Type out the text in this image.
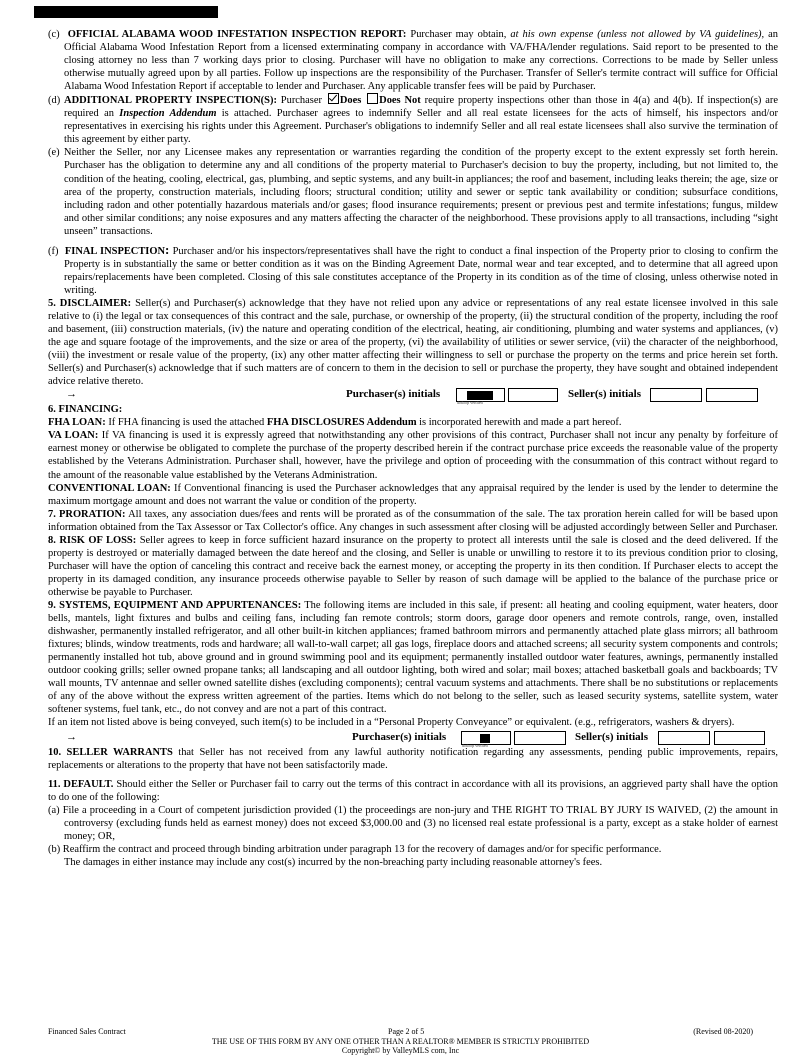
(c) OFFICIAL ALABAMA WOOD INFESTATION INSPECTION REPORT: Purchaser may obtain, at his own expense (unless not allowed by VA guidelines), an Official Alabama Wood Infestation Report from a licensed exterminating company in accordance with VA/FHA/lender regulations. Said report to be presented to the closing attorney no less than 7 working days prior to closing. Purchaser will have no obligation to make any corrections. Corrections to be made by Seller unless otherwise mutually agreed upon by all parties. Follow up inspections are the responsibility of the Purchaser. Transfer of Seller's termite contract will suffice for Official Alabama Wood Infestation Report if acceptable to lender and Purchaser. Any applicable transfer fees will be paid by Purchaser.

(d) ADDITIONAL PROPERTY INSPECTION(S): Purchaser Does Does Not require property inspections other than those in 4(a) and 4(b). If inspection(s) are required an Inspection Addendum is attached. Purchaser agrees to indemnify Seller and all real estate licensees for the acts of himself, his inspectors and/or representatives in exercising his rights under this Agreement. Purchaser's obligations to indemnify Seller and all real estate licensees shall also survive the termination of this agreement by either party.

(e) Neither the Seller, nor any Licensee makes any representation or warranties regarding the condition of the property except to the extent expressly set forth herein. Purchaser has the obligation to determine any and all conditions of the property material to Purchaser's decision to buy the property, including, but not limited to, the condition of the heating, cooling, electrical, gas, plumbing, and septic systems, and any built-in appliances; the roof and basement, including leaks therein; the age, size or area of the property, construction materials, including floors; structural condition; utility and sewer or septic tank availability or condition; subsurface conditions, including radon and other potentially hazardous materials and/or gases; flood insurance requirements; present or previous pest and termite infestations; fungus, mildew and other similar conditions; any noise exposures and any matters affecting the character of the neighborhood. These provisions apply to all transactions, including “sight unseen” transactions.

(f) FINAL INSPECTION: Purchaser and/or his inspectors/representatives shall have the right to conduct a final inspection of the Property prior to closing to confirm the Property is in substantially the same or better condition as it was on the Binding Agreement Date, normal wear and tear excepted, and to determine that all agreed upon repairs/replacements have been completed. Closing of this sale constitutes acceptance of the Property in its condition as of the time of closing, unless otherwise noted in writing.

5. DISCLAIMER: Seller(s) and Purchaser(s) acknowledge that they have not relied upon any advice or representations of any real estate licensee involved in this sale relative to (i) the legal or tax consequences of this contract and the sale, purchase, or ownership of the property, (ii) the structural condition of the property, including the roof and basement, (iii) construction materials, (iv) the nature and operating condition of the electrical, heating, air conditioning, plumbing and water systems and appliances, (v) the age and square footage of the improvements, and the size or area of the property, (vi) the availability of utilities or sewer service, (vii) the character of the neighborhood, (viii) the investment or resale value of the property, (ix) any other matter affecting their willingness to sell or purchase the property on the terms and price herein set forth. Seller(s) and Purchaser(s) acknowledge that if such matters are of concern to them in the decision to sell or purchase the property, they have sought and obtained independent advice relative thereto.

→	Purchaser(s) initials
dotloop verified
Seller(s) initials

6. FINANCING:

FHA LOAN: If FHA financing is used the attached FHA DISCLOSURES Addendum is incorporated herewith and made a part hereof.

VA LOAN: If VA financing is used it is expressly agreed that notwithstanding any other provisions of this contract, Purchaser shall not incur any penalty by forfeiture of earnest money or otherwise be obligated to complete the purchase of the property described herein if the contract purchase price exceeds the reasonable value of the property established by the Veterans Administration. Purchaser shall, however, have the privilege and option of proceeding with the consummation of this contract without regard to the amount of the reasonable value established by the Veterans Administration.

CONVENTIONAL LOAN: If Conventional financing is used the Purchaser acknowledges that any appraisal required by the lender is used by the lender to determine the maximum mortgage amount and does not warrant the value or condition of the property.

7. PRORATION: All taxes, any association dues/fees and rents will be prorated as of the consummation of the sale. The tax proration herein called for will be based upon information obtained from the Tax Assessor or Tax Collector's office. Any changes in such assessment after closing will be adjusted accordingly between Seller and Purchaser.

8. RISK OF LOSS: Seller agrees to keep in force sufficient hazard insurance on the property to protect all interests until the sale is closed and the deed delivered. If the property is destroyed or materially damaged between the date hereof and the closing, and Seller is unable or unwilling to restore it to its previous condition prior to closing, Purchaser will have the option of canceling this contract and receive back the earnest money, or accepting the property in its then condition. If Purchaser elects to accept the property in its damaged condition, any insurance proceeds otherwise payable to Seller by reason of such damage will be applied to the balance of the purchase price or otherwise be payable to Purchaser.

9. SYSTEMS, EQUIPMENT AND APPURTENANCES: The following items are included in this sale, if present: all heating and cooling equipment, water heaters, door bells, mantels, light fixtures and bulbs and ceiling fans, including fan remote controls; storm doors, garage door openers and remote controls, range, oven, installed dishwasher, permanently installed refrigerator, and all other built-in kitchen appliances; framed bathroom mirrors and permanently attached plate glass mirrors; all bathroom fixtures; blinds, window treatments, rods and hardware; all wall-to-wall carpet; all gas logs, fireplace doors and attached screens; all security system components and controls; permanently installed hot tub, above ground and in ground swimming pool and its equipment; permanently installed outdoor water features, awnings, permanently installed outdoor cooking grills; seller owned propane tanks; all landscaping and all outdoor lighting, both wired and solar; mail boxes; attached basketball goals and backboards; TV wall mounts, TV antennae and seller owned satellite dishes (excluding components); central vacuum systems and attachments. There shall be no substitutions or replacements of any of the above without the express written agreement of the parties. Items which do not belong to the seller, such as leased security systems, satellite system, water softener systems, fuel tank, etc., do not convey and are not a part of this contract.

If an item not listed above is being conveyed, such item(s) to be included in a “Personal Property Conveyance” or equivalent. (e.g., refrigerators, washers & dryers).

→	Purchaser(s) initials
dotloop verified
Seller(s) initials

10. SELLER WARRANTS that Seller has not received from any lawful authority notification regarding any assessments, pending public improvements, repairs, replacements or alterations to the property that have not been satisfactorily made.

11. DEFAULT. Should either the Seller or Purchaser fail to carry out the terms of this contract in accordance with all its provisions, an aggrieved party shall have the option to do one of the following:

(a) File a proceeding in a Court of competent jurisdiction provided (1) the proceedings are non-jury and THE RIGHT TO TRIAL BY JURY IS WAIVED, (2) the amount in controversy (excluding funds held as earnest money) does not exceed $3,000.00 and (3) no licensed real estate professional is a party, except as a stake holder of earnest money; OR,

(b) Reaffirm the contract and proceed through binding arbitration under paragraph 13 for the recovery of damages and/or for specific performance.

The damages in either instance may include any cost(s) incurred by the non-breaching party including reasonable attorney's fees.

Financed Sales Contract	Page 2 of 5	(Revised 08-2020)
THE USE OF THIS FORM BY ANY ONE OTHER THAN A REALTOR® MEMBER IS STRICTLY PROHIBITED
Copyright© by ValleyMLS com, Inc
